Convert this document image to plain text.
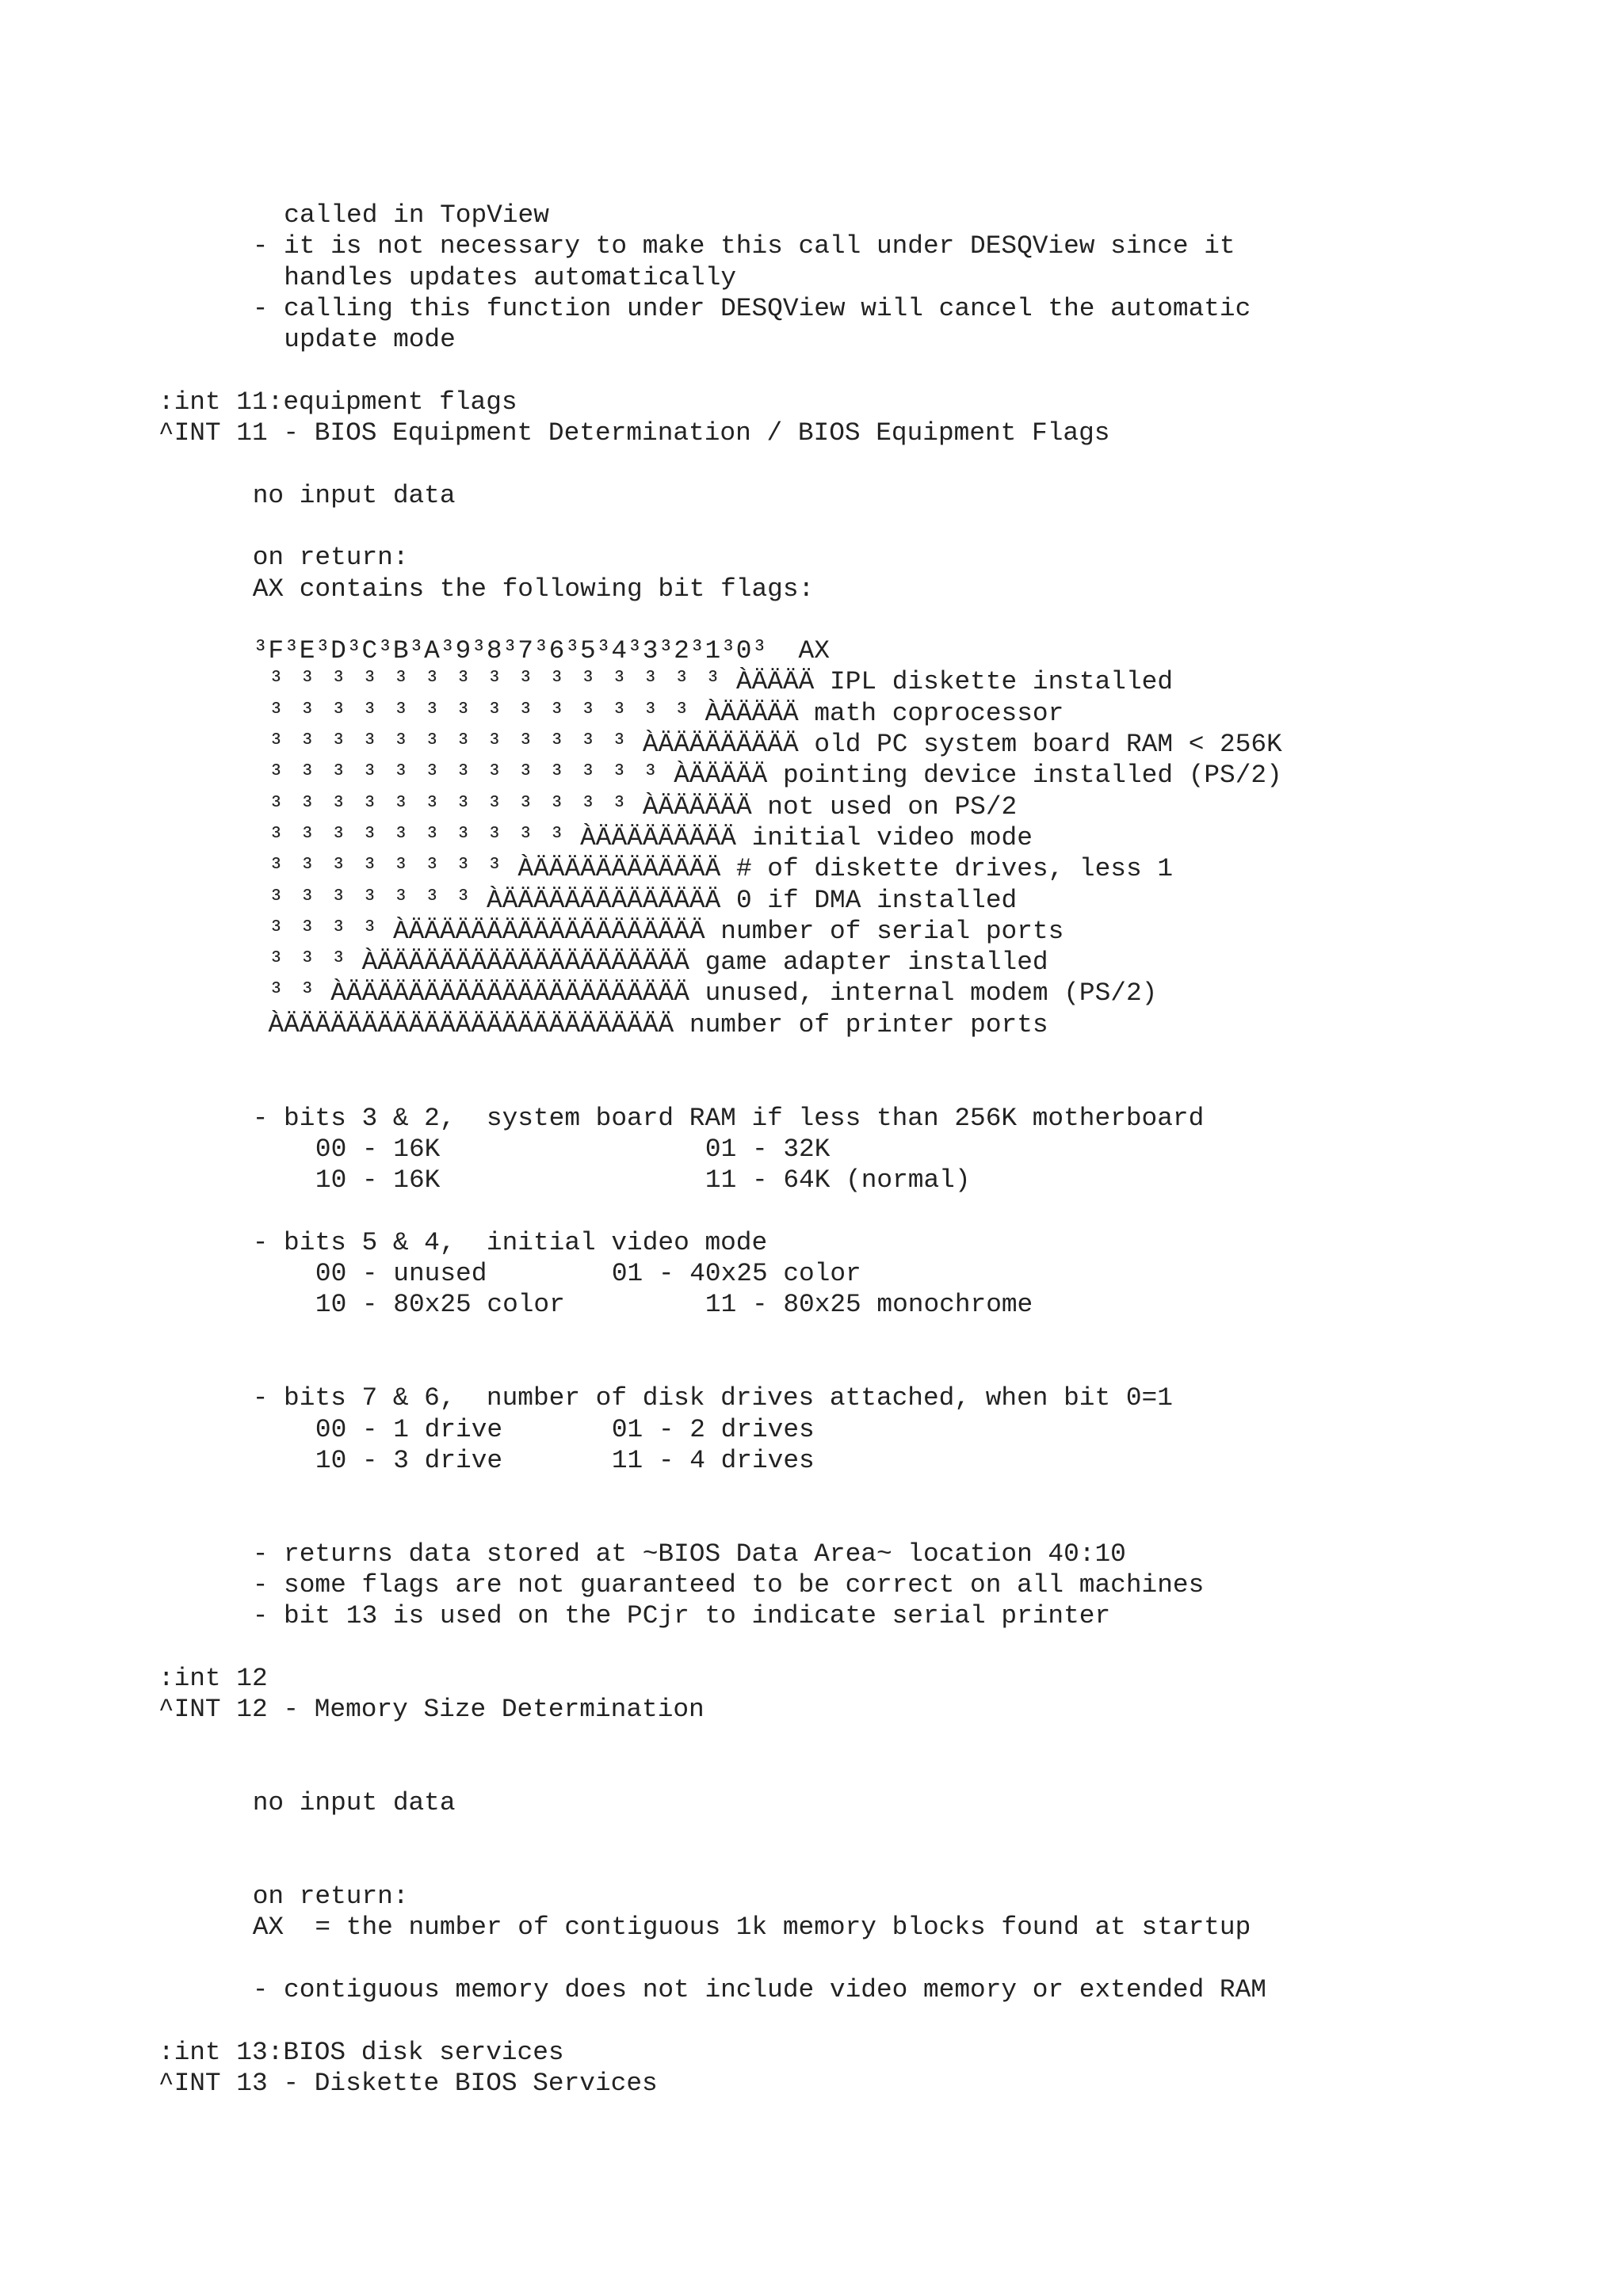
called in TopView
- it is not necessary to make this call under DESQView since it
handles updates automatically
- calling this function under DESQView will cancel the automatic
update mode
:int 11:equipment flags
^INT 11 - BIOS Equipment Determination / BIOS Equipment Flags
no input data
on return:
AX contains the following bit flags:
³F³E³D³C³B³A³9³8³7³6³5³4³3³2³1³0³  AX
³ ³ ³ ³ ³ ³ ³ ³ ³ ³ ³ ³ ³ ³ ³ ÀÄÄÄÄ IPL diskette installed
³ ³ ³ ³ ³ ³ ³ ³ ³ ³ ³ ³ ³ ³ ÀÄÄÄÄÄ math coprocessor
³ ³ ³ ³ ³ ³ ³ ³ ³ ³ ³ ³ ÀÄÄÄÄÄÄÄÄÄ old PC system board RAM < 256K
³ ³ ³ ³ ³ ³ ³ ³ ³ ³ ³ ³ ³ ÀÄÄÄÄÄ pointing device installed (PS/2)
³ ³ ³ ³ ³ ³ ³ ³ ³ ³ ³ ³ ÀÄÄÄÄÄÄ not used on PS/2
³ ³ ³ ³ ³ ³ ³ ³ ³ ³ ÀÄÄÄÄÄÄÄÄÄ initial video mode
³ ³ ³ ³ ³ ³ ³ ³ ÀÄÄÄÄÄÄÄÄÄÄÄÄ # of diskette drives, less 1
³ ³ ³ ³ ³ ³ ³ ÀÄÄÄÄÄÄÄÄÄÄÄÄÄÄ 0 if DMA installed
³ ³ ³ ³ ÀÄÄÄÄÄÄÄÄÄÄÄÄÄÄÄÄÄÄÄ number of serial ports
³ ³ ³ ÀÄÄÄÄÄÄÄÄÄÄÄÄÄÄÄÄÄÄÄÄ game adapter installed
³ ³ ÀÄÄÄÄÄÄÄÄÄÄÄÄÄÄÄÄÄÄÄÄÄÄ unused, internal modem (PS/2)
ÀÄÄÄÄÄÄÄÄÄÄÄÄÄÄÄÄÄÄÄÄÄÄÄÄÄ number of printer ports
- bits 3 & 2,  system board RAM if less than 256K motherboard
00 - 16K                 01 - 32K
10 - 16K                 11 - 64K (normal)
- bits 5 & 4,  initial video mode
00 - unused        01 - 40x25 color
10 - 80x25 color         11 - 80x25 monochrome
- bits 7 & 6,  number of disk drives attached, when bit 0=1
00 - 1 drive       01 - 2 drives
10 - 3 drive       11 - 4 drives
- returns data stored at ~BIOS Data Area~ location 40:10
- some flags are not guaranteed to be correct on all machines
- bit 13 is used on the PCjr to indicate serial printer
:int 12
^INT 12 - Memory Size Determination
no input data
on return:
AX  = the number of contiguous 1k memory blocks found at startup
- contiguous memory does not include video memory or extended RAM
:int 13:BIOS disk services
^INT 13 - Diskette BIOS Services
